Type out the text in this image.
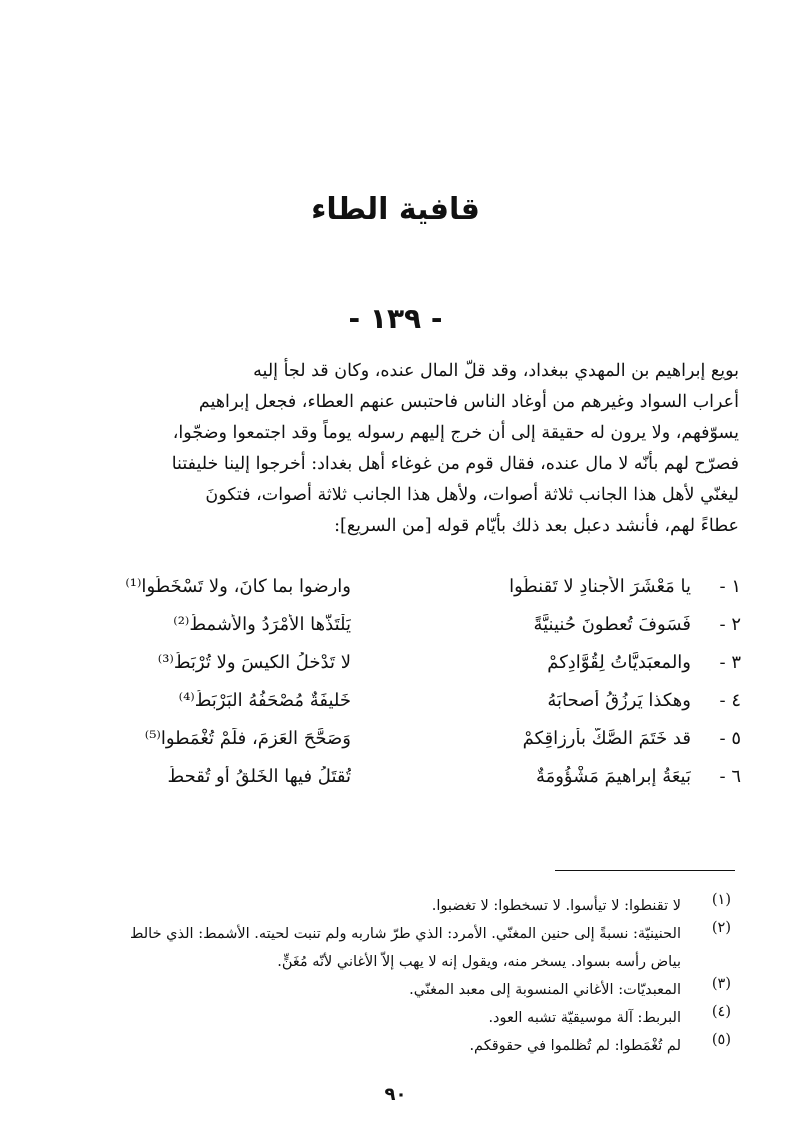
قافية الطاء
- ١٣٩ -
بويع إبراهيم بن المهدي ببغداد، وقد قلّ المال عنده، وكان قد لجأ إليه
أعراب السواد وغيرهم من أوغاد الناس فاحتبس عنهم العطاء، فجعل إبراهيم
يسوّفهم، ولا يرون له حقيقة إلى أن خرج إليهم رسوله يوماً وقد اجتمعوا وضجّوا،
فصرّح لهم بأنّه لا مال عنده، فقال قوم من غوغاء أهل بغداد: أخرجوا إلينا خليفتنا
ليغنّي لأهل هذا الجانب ثلاثة أصوات، ولأهل هذا الجانب ثلاثة أصوات، فتكونَ
عطاءً لهم، فأنشد دعبل بعد ذلك بأيّام قوله [من السريع]:
١ -
يا مَعْشَرَ الأجنادِ لا تَقنطُوا
وارضوا بما كانَ، ولا تَسْخَطُوا⁽¹⁾
٢ -
فَسَوفَ تُعطونَ حُنينيَّةً
يَلْتَذُّها الأمْرَدُ والأشمطُ⁽²⁾
٣ -
والمعبَديَّاتُ لِقُوَّادِكمْ
لا تَدْخلُ الكيسَ ولا تُرْبَطُ⁽³⁾
٤ -
وهكذا يَرزُقُ أصحابَهُ
خَليفَةٌ مُصْحَفُهُ البَرْبَطُ⁽⁴⁾
٥ -
قد خَتَمَ الصَّكُّ بأرزاقِكمْ
وَصَحَّحَ العَزمَ، فلَمْ تُغْمَطوا⁽⁵⁾
٦ -
بَيعَةُ إبراهيمَ مَشْؤُومَةٌ
تُقتَلُ فيها الخَلقُ أو تُقحطُ
(١)
لا تقنطوا: لا تيأسوا. لا تسخطوا: لا تغضبوا.
(٢)
الحنينيّة: نسبةً إلى حنين المغنّي. الأمرد: الذي طرّ شاربه ولم تنبت لحيته. الأشمط: الذي خالط
بياض رأسه بسواد. يسخر منه، ويقول إنه لا يهب إلاّ الأغاني لأنّه مُغَنٍّ.
(٣)
المعبديّات: الأغاني المنسوبة إلى معبد المغنّي.
(٤)
البربط: آلة موسيقيّة تشبه العود.
(٥)
لم تُغْمَطوا: لم تُظلموا في حقوقكم.
٩٠
